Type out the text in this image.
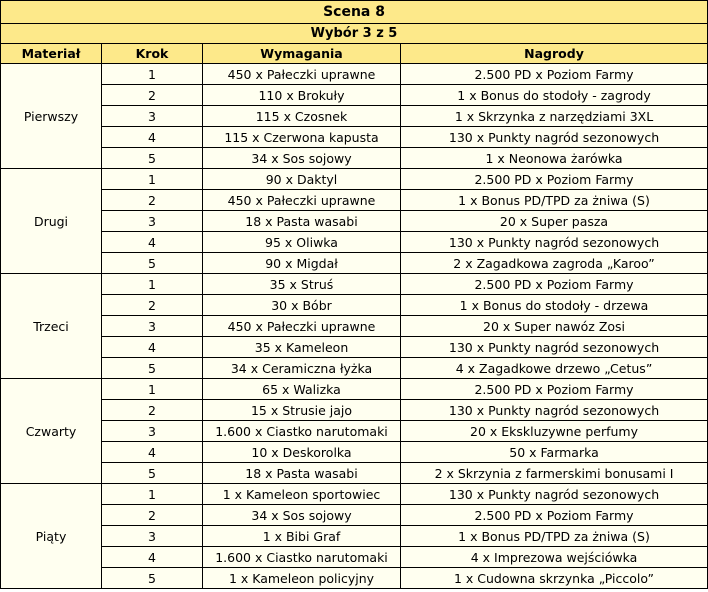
Scena 8			
Wybór 3 z 5			
Materiał	Krok	Wymagania	Nagrody
Pierwszy	1	450 x Pałeczki uprawne	2.500 PD x Poziom Farmy
	2	110 x Brokuły	1 x Bonus do stodoły - zagrody
	3	115 x Czosnek	1 x Skrzynka z narzędziami 3XL
	4	115 x Czerwona kapusta	130 x Punkty nagród sezonowych
	5	34 x Sos sojowy	1 x Neonowa żarówka
Drugi	1	90 x Daktyl	2.500 PD x Poziom Farmy
	2	450 x Pałeczki uprawne	1 x Bonus PD/TPD za żniwa (S)
	3	18 x Pasta wasabi	20 x Super pasza
	4	95 x Oliwka	130 x Punkty nagród sezonowych
	5	90 x Migdał	2 x Zagadkowa zagroda „Karoo”
Trzeci	1	35 x Struś	2.500 PD x Poziom Farmy
	2	30 x Bóbr	1 x Bonus do stodoły - drzewa
	3	450 x Pałeczki uprawne	20 x Super nawóz Zosi
	4	35 x Kameleon	130 x Punkty nagród sezonowych
	5	34 x Ceramiczna łyżka	4 x Zagadkowe drzewo „Cetus”
Czwarty	1	65 x Walizka	2.500 PD x Poziom Farmy
	2	15 x Strusie jajo	130 x Punkty nagród sezonowych
	3	1.600 x Ciastko narutomaki	20 x Ekskluzywne perfumy
	4	10 x Deskorolka	50 x Farmarka
	5	18 x Pasta wasabi	2 x Skrzynia z farmerskimi bonusami I
Piąty	1	1 x Kameleon sportowiec	130 x Punkty nagród sezonowych
	2	34 x Sos sojowy	2.500 PD x Poziom Farmy
	3	1 x Bibi Graf	1 x Bonus PD/TPD za żniwa (S)
	4	1.600 x Ciastko narutomaki	4 x Imprezowa wejściówka
	5	1 x Kameleon policyjny	1 x Cudowna skrzynka „Piccolo”
